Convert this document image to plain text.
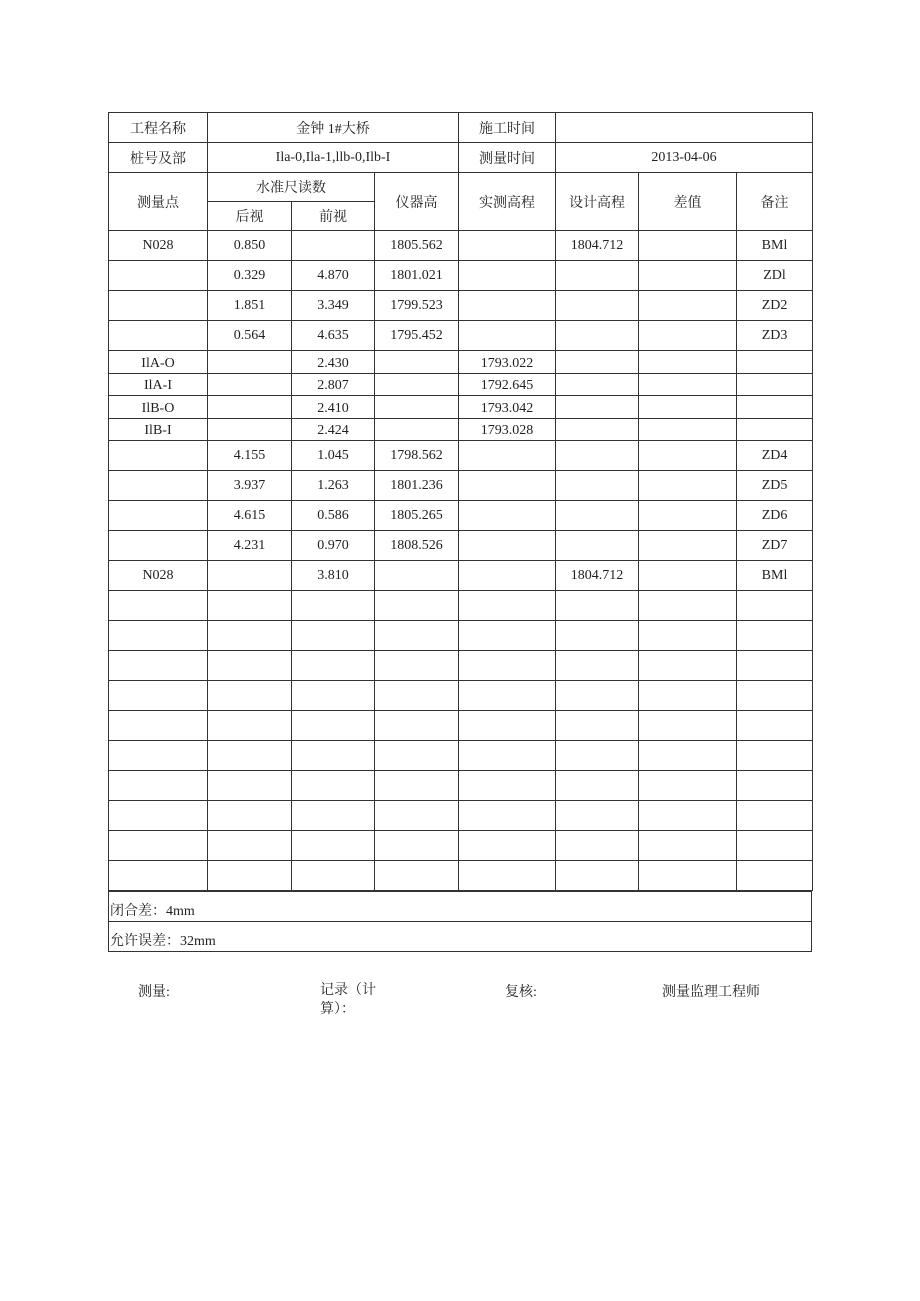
工程名称	金钟 1#大桥			施工时间			
桩号及部	Ila-0,Ila-1,llb-0,Ilb-I			测量时间	2013-04-06		
测量点	水准尺读数		仪器高	实测高程	设计高程	差值	备注
	后视	前视					
N028	0.850		1805.562		1804.712		BMl
	0.329	4.870	1801.021				ZDl
	1.851	3.349	1799.523				ZD2
	0.564	4.635	1795.452				ZD3
IlA-O		2.430		1793.022			
IlA-I		2.807		1792.645			
IlB-O		2.410		1793.042			
IlB-I		2.424		1793.028			
	4.155	1.045	1798.562				ZD4
	3.937	1.263	1801.236				ZD5
	4.615	0.586	1805.265				ZD6
	4.231	0.970	1808.526				ZD7
N028		3.810			1804.712		BMl

闭合差：4mm
允许误差：32mm
测量:	记录（计
算）：
复核:	测量监理工程师
